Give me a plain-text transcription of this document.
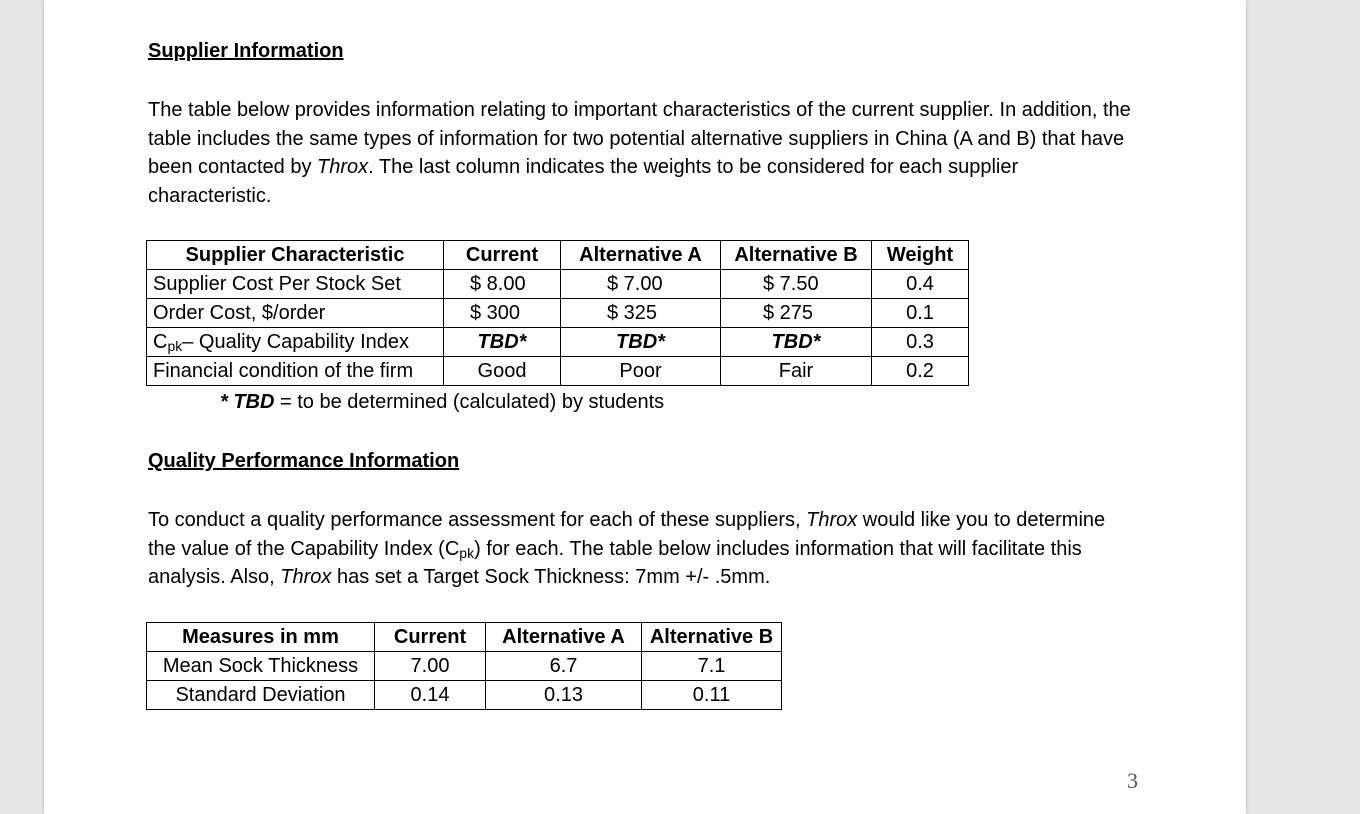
Supplier Information
The table below provides information relating to important characteristics of the current supplier. In addition, the table includes the same types of information for two potential alternative suppliers in China (A and B) that have been contacted by Throx. The last column indicates the weights to be considered for each supplier characteristic.
Supplier Characteristic	Current	Alternative A	Alternative B	Weight
Supplier Cost Per Stock Set	$ 8.00	$ 7.00	$ 7.50	0.4
Order Cost, $/order	$ 300	$ 325	$ 275	0.1
$C_{pk}-$ Quality Capability Index	TBD*	TBD*	TBD*	0.3
Financial condition of the firm	Good	Poor	Fair	0.2
* TBD = to be determined (calculated) by students
Quality Performance Information
To conduct a quality performance assessment for each of these suppliers, Throx would like you to determine the value of the Capability Index $(C_{pk})$ for each. The table below includes information that will facilitate this analysis. Also, Throx has set a Target Sock Thickness: 7mm +/- .5mm.
Measures in mm	Current	Alternative A	Alternative B
Mean Sock Thickness	7.00	6.7	7.1
Standard Deviation	0.14	0.13	0.11
3
